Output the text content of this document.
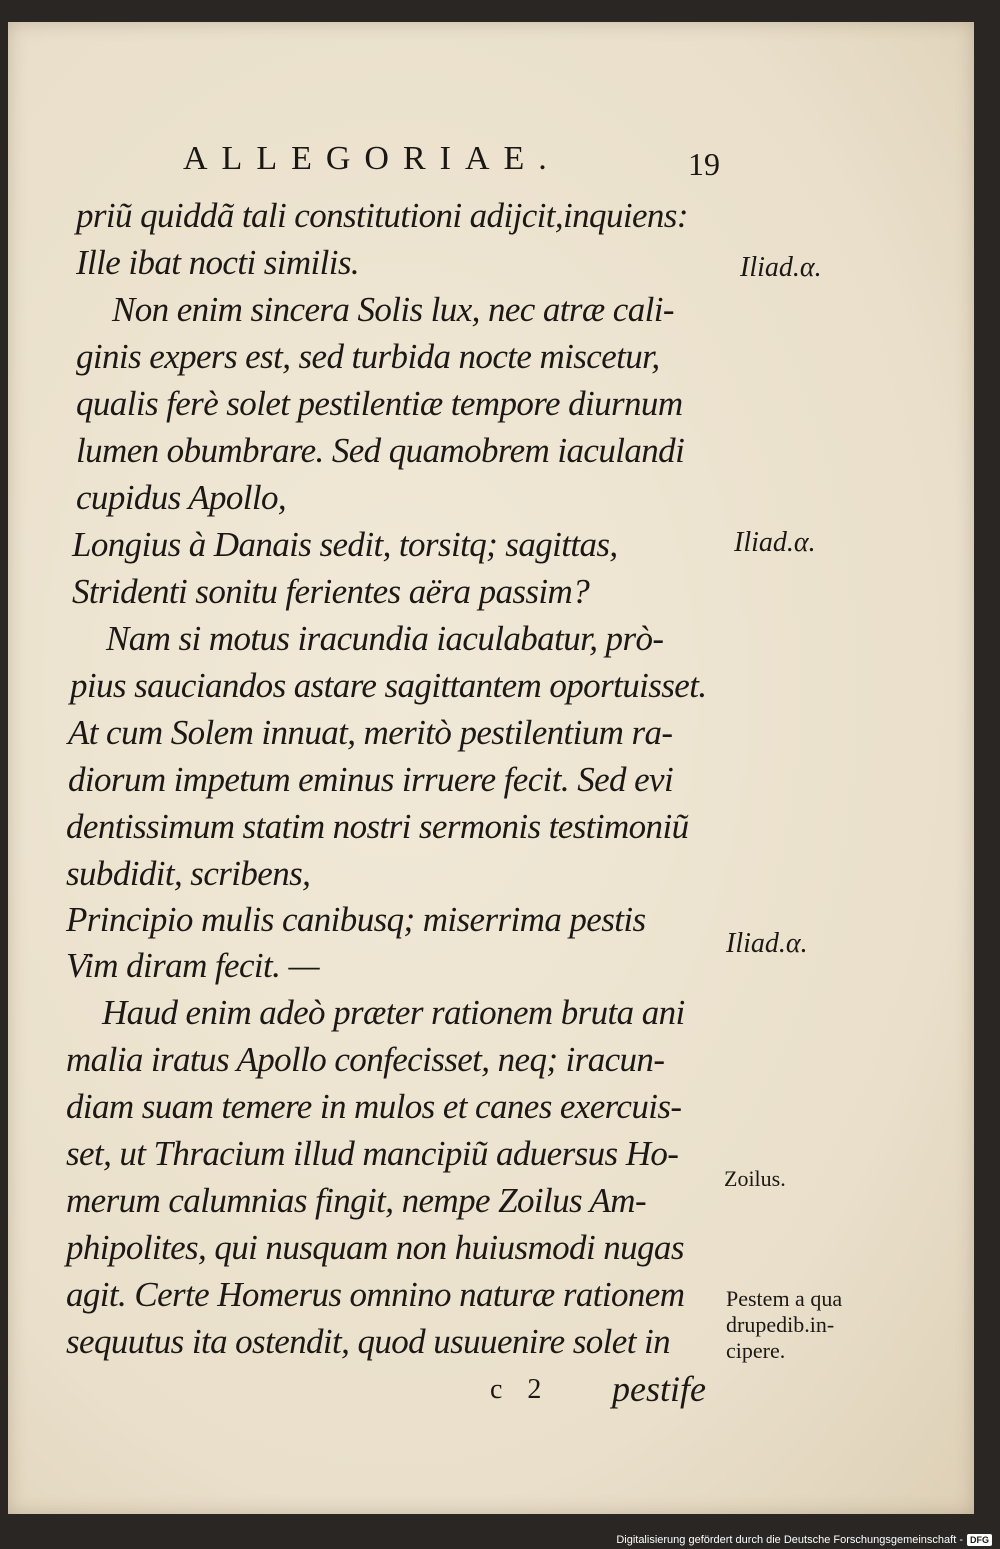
ALLEGORIAE.	19
priũ quiddã tali constitutioni adijcit,inquiens:
Ille ibat nocti similis.
Non enim sincera Solis lux, nec atræ cali-
ginis expers est, sed turbida nocte miscetur,
qualis ferè solet pestilentiæ tempore diurnum
lumen obumbrare. Sed quamobrem iaculandi
cupidus Apollo,
Longius à Danais sedit, torsitq; sagittas,
Stridenti sonitu ferientes aëra passim?
Nam si motus iracundia iaculabatur, prò-
pius sauciandos astare sagittantem oportuisset.
At cum Solem innuat, meritò pestilentium ra-
diorum impetum eminus irruere fecit. Sed evi
dentissimum statim nostri sermonis testimoniũ
subdidit, scribens,
Principio mulis canibusq; miserrima pestis
Vim diram fecit. —
Haud enim adeò præter rationem bruta ani
malia iratus Apollo confecisset, neq; iracun-
diam suam temere in mulos et canes exercuis-
set, ut Thracium illud mancipiũ aduersus Ho-
merum calumnias fingit, nempe Zoilus Am-
phipolites, qui nusquam non huiusmodi nugas
agit. Certe Homerus omnino naturæ rationem
sequutus ita ostendit, quod usuuenire solet in
Iliad.α.
Iliad.α.
Iliad.α.
Zoilus.
Pestem a qua
drupedib.in-
cipere.
c 2 pestife
Digitalisierung gefördert durch die Deutsche Forschungsgemeinschaft - DFG
